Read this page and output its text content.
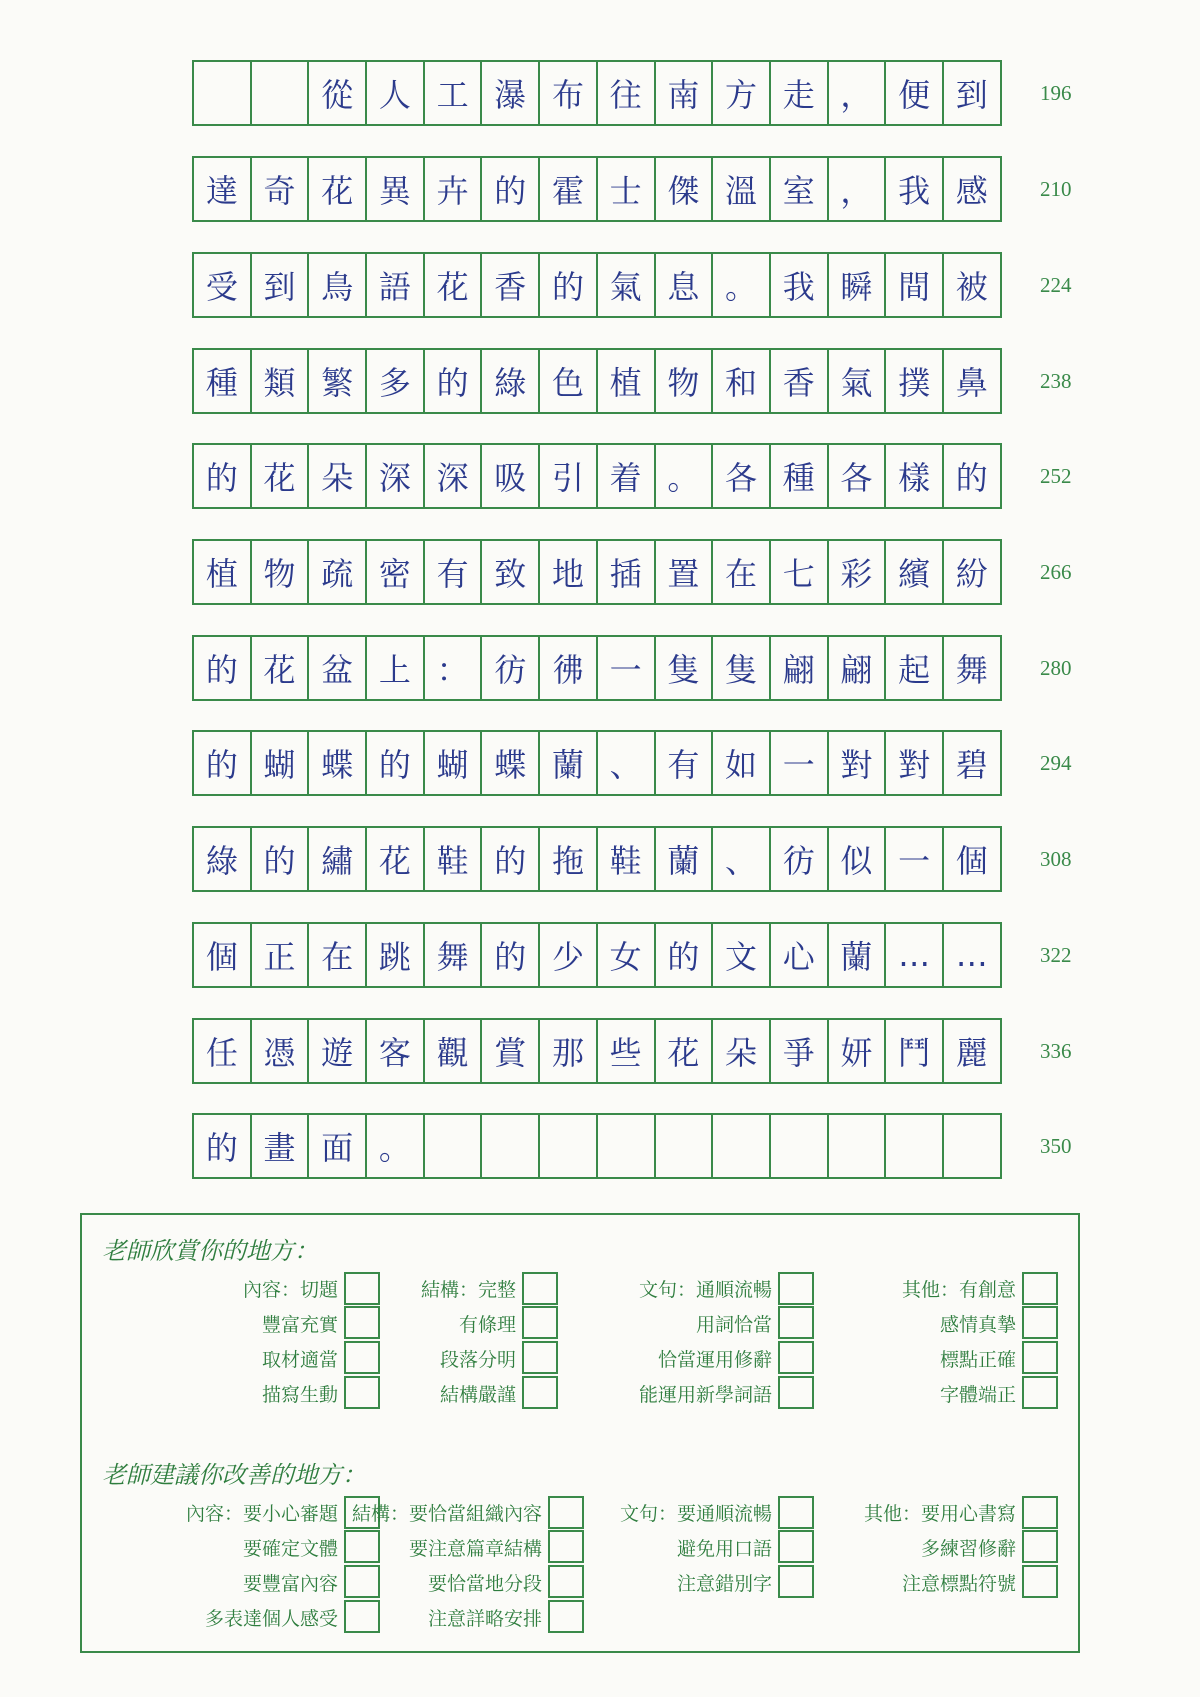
從 人 工 瀑 布 往 南 方 走 ， 便 到	196
達 奇 花 異 卉 的 霍 士 傑 溫 室 ， 我 感	210
受 到 鳥 語 花 香 的 氣 息 。 我 瞬 間 被	224
種 類 繁 多 的 綠 色 植 物 和 香 氣 撲 鼻	238
的 花 朵 深 深 吸 引 着 。 各 種 各 樣 的	252
植 物 疏 密 有 致 地 插 置 在 七 彩 繽 紛	266
的 花 盆 上 ： 彷 彿 一 隻 隻 翩 翩 起 舞	280
的 蝴 蝶 的 蝴 蝶 蘭 、 有 如 一 對 對 碧	294
綠 的 繡 花 鞋 的 拖 鞋 蘭 、 彷 似 一 個	308
個 正 在 跳 舞 的 少 女 的 文 心 蘭 … …	322
任 憑 遊 客 觀 賞 那 些 花 朵 爭 妍 鬥 麗	336
的 畫 面 。	350
老師欣賞你的地方：
內容：切題
豐富充實
取材適當
描寫生動
結構：完整
有條理
段落分明
結構嚴謹
文句：通順流暢
用詞恰當
恰當運用修辭
能運用新學詞語
其他：有創意
感情真摯
標點正確
字體端正
老師建議你改善的地方：
內容：要小心審題
要確定文體
要豐富內容
多表達個人感受
結構：要恰當組織內容
要注意篇章結構
要恰當地分段
注意詳略安排
文句：要通順流暢
避免用口語
注意錯別字
其他：要用心書寫
多練習修辭
注意標點符號
